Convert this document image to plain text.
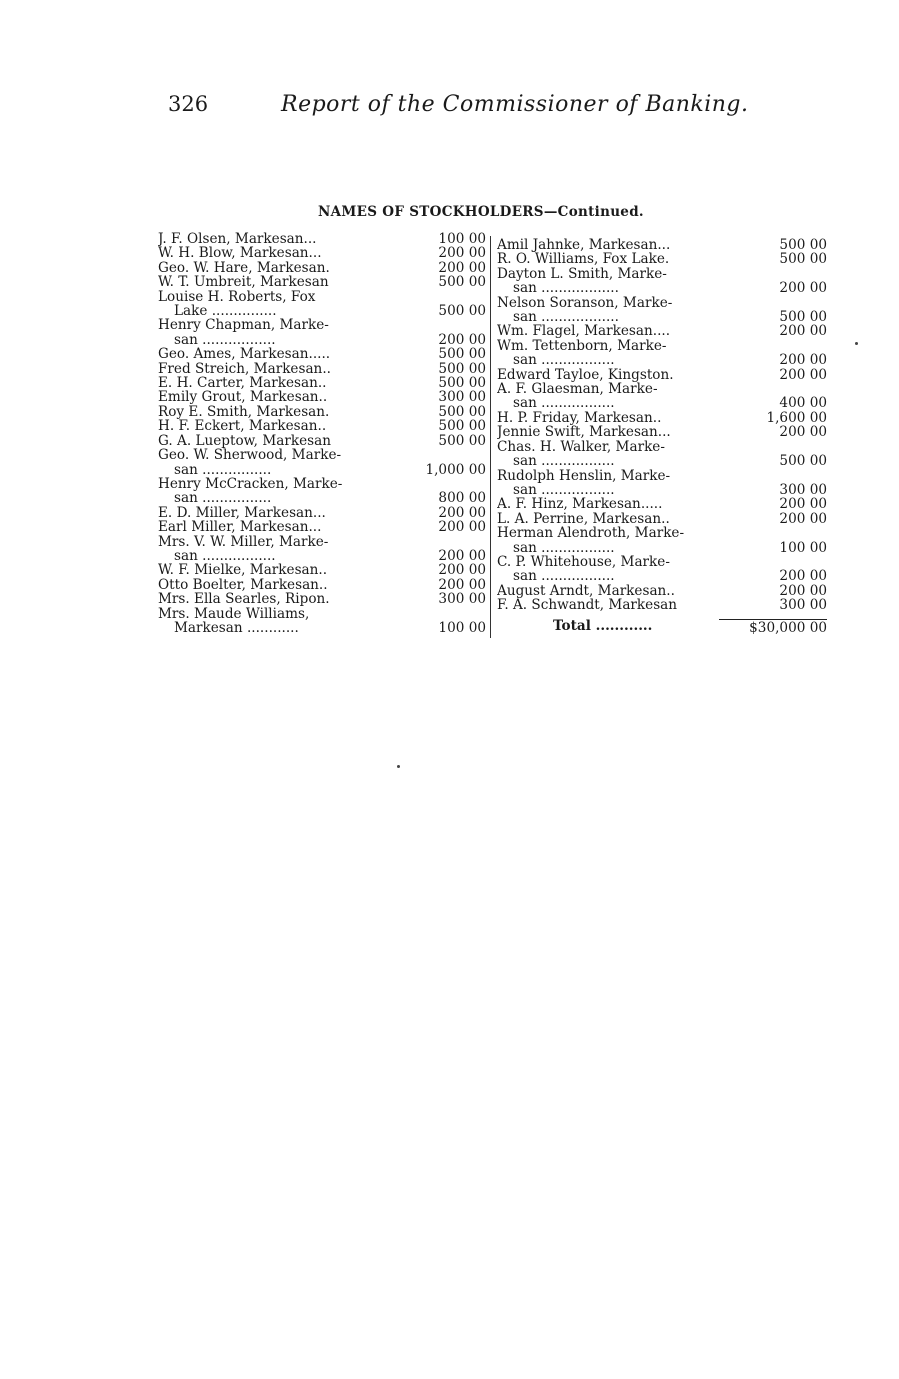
326	Report of the Commissioner of Banking.
NAMES OF STOCKHOLDERS—Continued.
J. F. Olsen, Markesan...	100 00
W. H. Blow, Markesan...	200 00
Geo. W. Hare, Markesan.	200 00
W. T. Umbreit, Markesan	500 00
Louise H. Roberts, Fox
Lake ...............	500 00
Henry Chapman, Marke-
san .................	200 00
Geo. Ames, Markesan.....	500 00
Fred Streich, Markesan..	500 00
E. H. Carter, Markesan..	500 00
Emily Grout, Markesan..	300 00
Roy E. Smith, Markesan.	500 00
H. F. Eckert, Markesan..	500 00
G. A. Lueptow, Markesan	500 00
Geo. W. Sherwood, Marke-
san ................	1,000 00
Henry McCracken, Marke-
san ................	800 00
E. D. Miller, Markesan...	200 00
Earl Miller, Markesan...	200 00
Mrs. V. W. Miller, Marke-
san .................	200 00
W. F. Mielke, Markesan..	200 00
Otto Boelter, Markesan..	200 00
Mrs. Ella Searles, Ripon.	300 00
Mrs. Maude Williams,
Markesan ............	100 00
Amil Jahnke, Markesan...	500 00
R. O. Williams, Fox Lake.	500 00
Dayton L. Smith, Marke-
san ..................	200 00
Nelson Soranson, Marke-
san ..................	500 00
Wm. Flagel, Markesan....	200 00
Wm. Tettenborn, Marke-
san .................	200 00
Edward Tayloe, Kingston.	200 00
A. F. Glaesman, Marke-
san .................	400 00
H. P. Friday, Markesan..	1,600 00
Jennie Swift, Markesan...	200 00
Chas. H. Walker, Marke-
san .................	500 00
Rudolph Henslin, Marke-
san .................	300 00
A. F. Hinz, Markesan.....	200 00
L. A. Perrine, Markesan..	200 00
Herman Alendroth, Marke-
san .................	100 00
C. P. Whitehouse, Marke-
san .................	200 00
August Arndt, Markesan..	200 00
F. A. Schwandt, Markesan	300 00
Total ............	$30,000 00
